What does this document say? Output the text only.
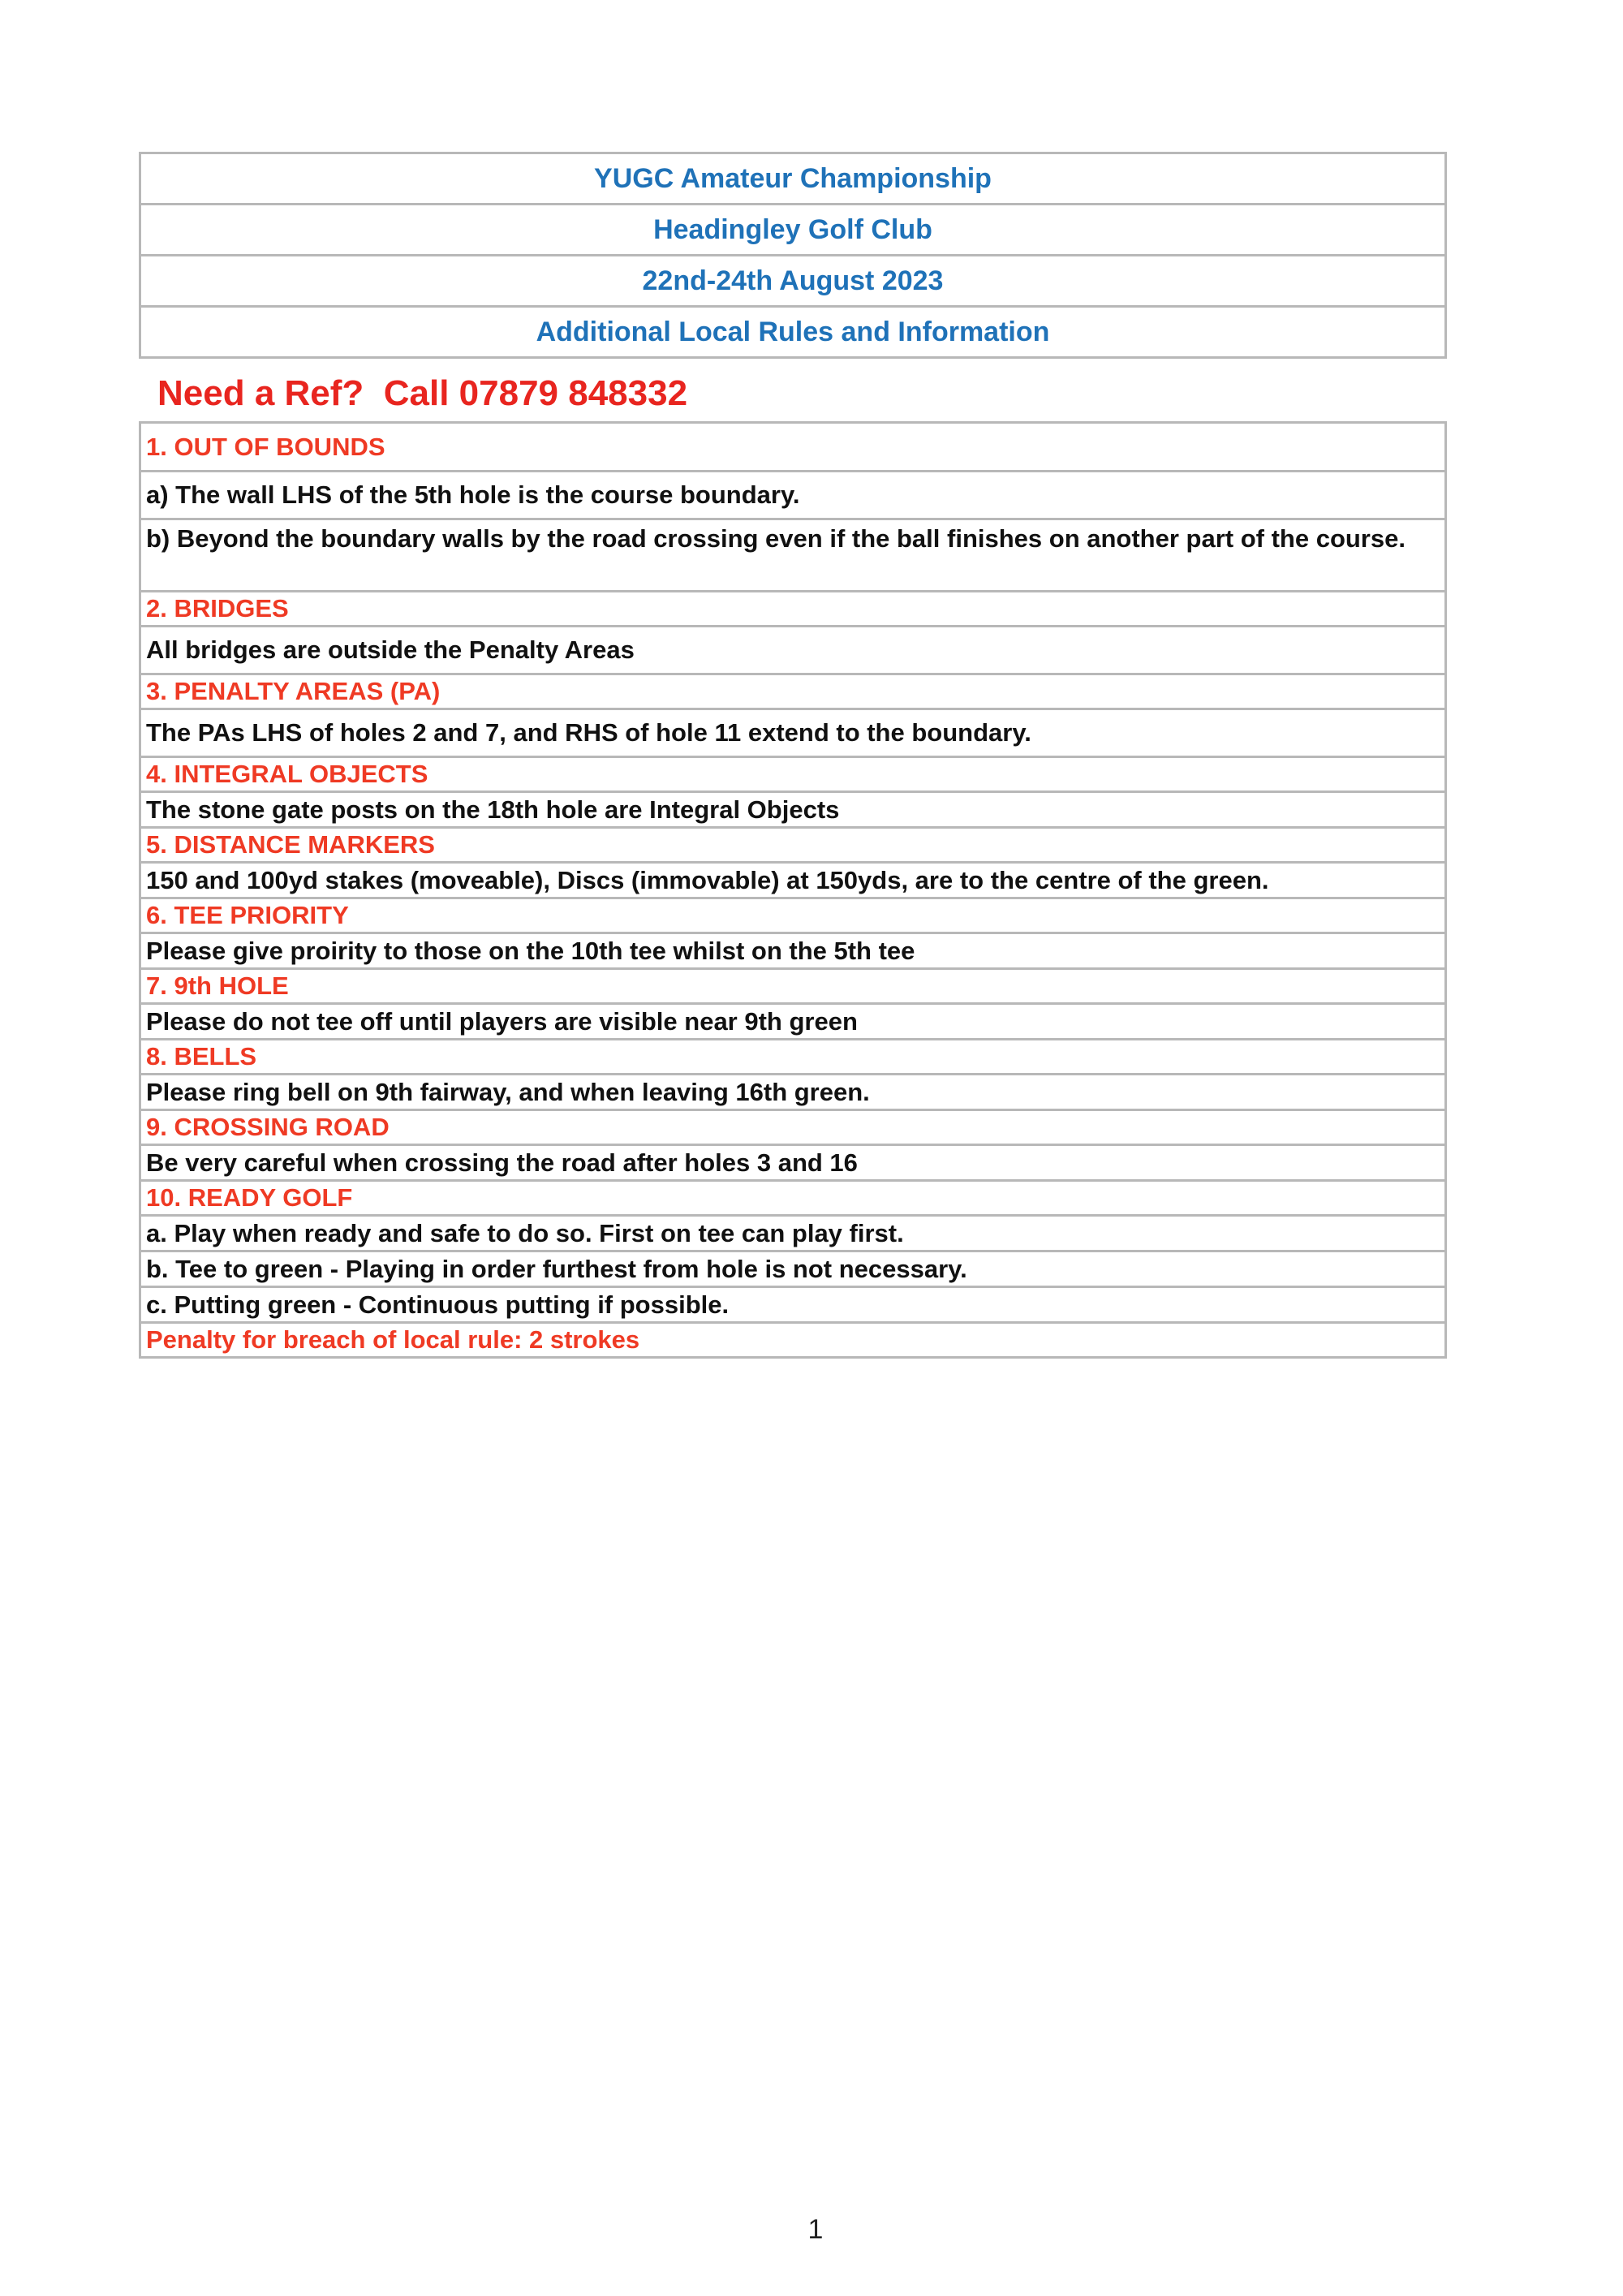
YUGC Amateur Championship
Headingley Golf Club
22nd-24th August 2023
Additional Local Rules and Information
Need a Ref?  Call 07879 848332
1. OUT OF BOUNDS
a) The wall LHS of the 5th hole is the course boundary.
b) Beyond the boundary walls by the road crossing even if the ball finishes on another part of the course.
2. BRIDGES
All bridges are outside the Penalty Areas
3. PENALTY AREAS (PA)
The PAs LHS of holes 2 and 7, and RHS of hole 11 extend to the boundary.
4. INTEGRAL OBJECTS
The stone gate posts on the 18th hole are Integral Objects
5. DISTANCE MARKERS
150 and 100yd stakes (moveable), Discs (immovable) at 150yds, are to the centre of the green.
6. TEE PRIORITY
Please give proirity to those on the 10th tee whilst on the 5th tee
7. 9th HOLE
Please do not tee off until players are visible near 9th green
8. BELLS
Please ring bell on 9th fairway, and when leaving 16th green.
9. CROSSING ROAD
Be very careful when crossing the road after holes 3 and 16
10. READY GOLF
a. Play when ready and safe to do so. First on tee can play first.
b. Tee to green - Playing in order furthest from hole is not necessary.
c. Putting green - Continuous putting if possible.
Penalty for breach of local rule: 2 strokes
1
